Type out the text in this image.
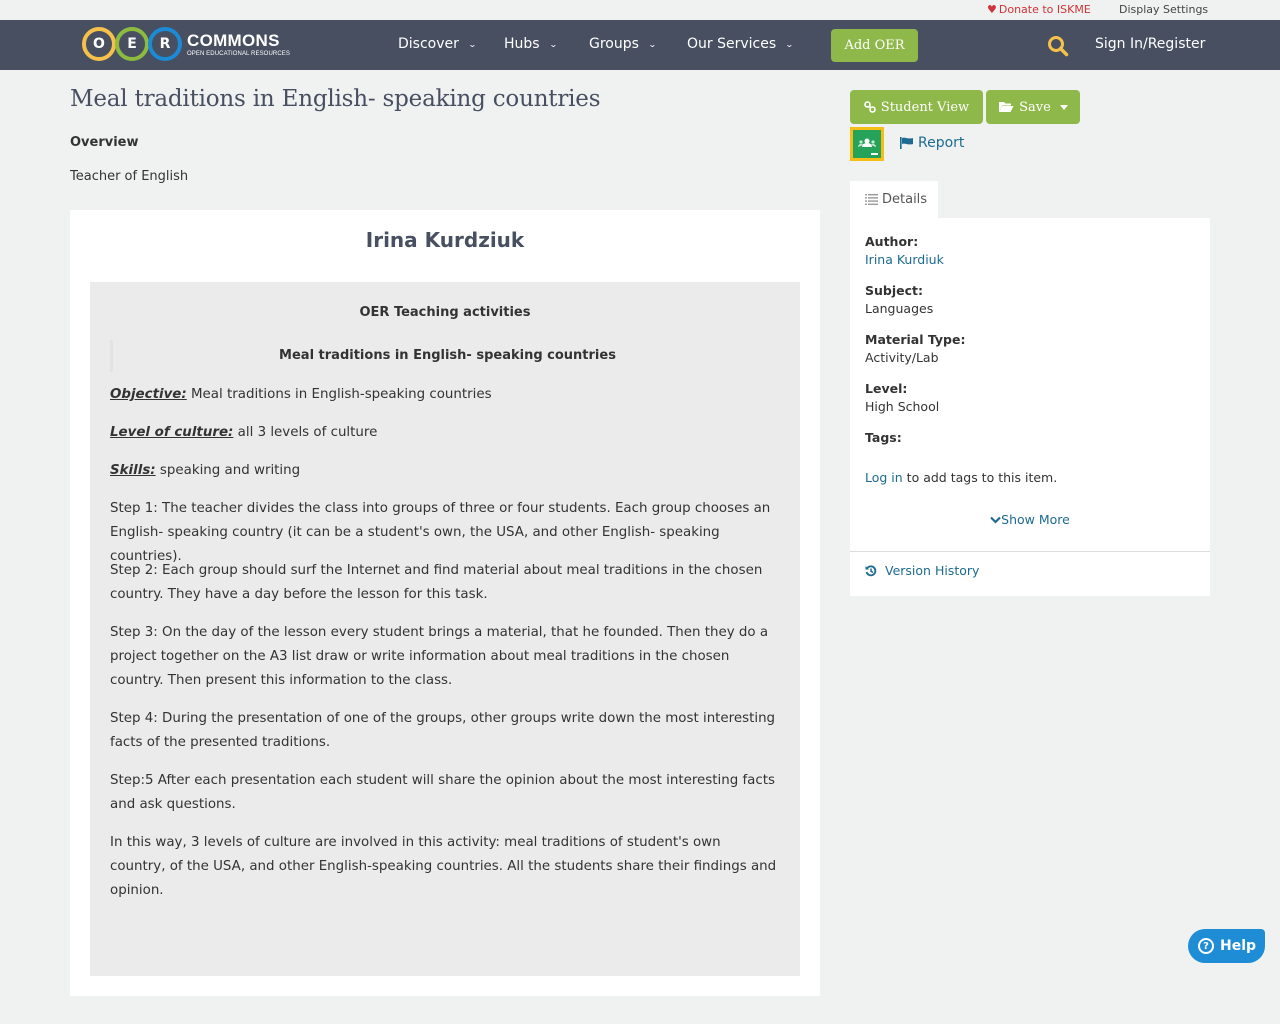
♥ Donate to ISKME	Display Settings
O	E	R COMMONS
OPEN EDUCATIONAL RESOURCES
Discover ⌄ Hubs ⌄ Groups ⌄ Our Services ⌄	Add OER	Sign In/Register
Meal traditions in English- speaking countries
Overview
Teacher of English
Irina Kurdziuk
OER Teaching activities
Meal traditions in English- speaking countries
Objective: Meal traditions in English-speaking countries
Level of culture: all 3 levels of culture
Skills: speaking and writing
Step 1: The teacher divides the class into groups of three or four students. Each group chooses an English- speaking country (it can be a student's own, the USA, and other English- speaking countries).
Step 2: Each group should surf the Internet and find material about meal traditions in the chosen country. They have a day before the lesson for this task.
Step 3: On the day of the lesson every student brings a material, that he founded. Then they do a project together on the A3 list draw or write information about meal traditions in the chosen country. Then present this information to the class.
Step 4: During the presentation of one of the groups, other groups write down the most interesting facts of the presented traditions.
Step:5 After each presentation each student will share the opinion about the most interesting facts and ask questions.
In this way, 3 levels of culture are involved in this activity: meal traditions of student's own country, of the USA, and other English-speaking countries. All the students share their findings and opinion.
Student View	Save
Report
Details
Author:
Irina Kurdiuk
Subject:
Languages
Material Type:
Activity/Lab
Level:
High School
Tags:
Log in to add tags to this item.
Show More
Version History
? Help
